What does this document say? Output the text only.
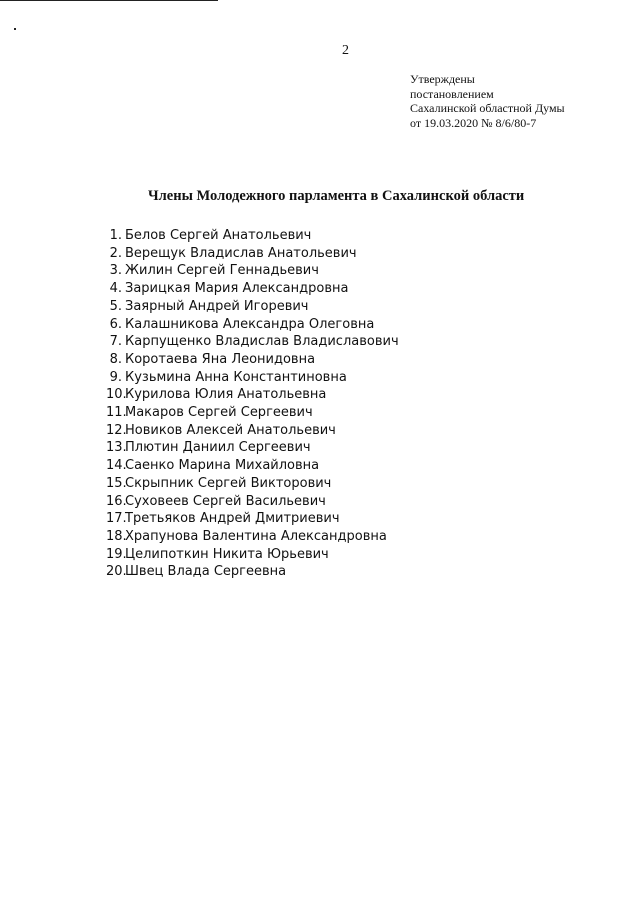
2
Утверждены
постановлением
Сахалинской областной Думы
от 19.03.2020 № 8/6/80-7
Члены Молодежного парламента в Сахалинской области
1. Белов Сергей Анатольевич
2. Верещук Владислав Анатольевич
3. Жилин Сергей Геннадьевич
4. Зарицкая Мария Александровна
5. Заярный Андрей Игоревич
6. Калашникова Александра Олеговна
7. Карпущенко Владислав Владиславович
8. Коротаева Яна Леонидовна
9. Кузьмина Анна Константиновна
10.Курилова Юлия Анатольевна
11.Макаров Сергей Сергеевич
12.Новиков Алексей Анатольевич
13.Плютин Даниил Сергеевич
14.Саенко Марина Михайловна
15.Скрыпник Сергей Викторович
16.Суховеев Сергей Васильевич
17.Третьяков Андрей Дмитриевич
18.Храпунова Валентина Александровна
19.Целипоткин Никита Юрьевич
20.Швец Влада Сергеевна
